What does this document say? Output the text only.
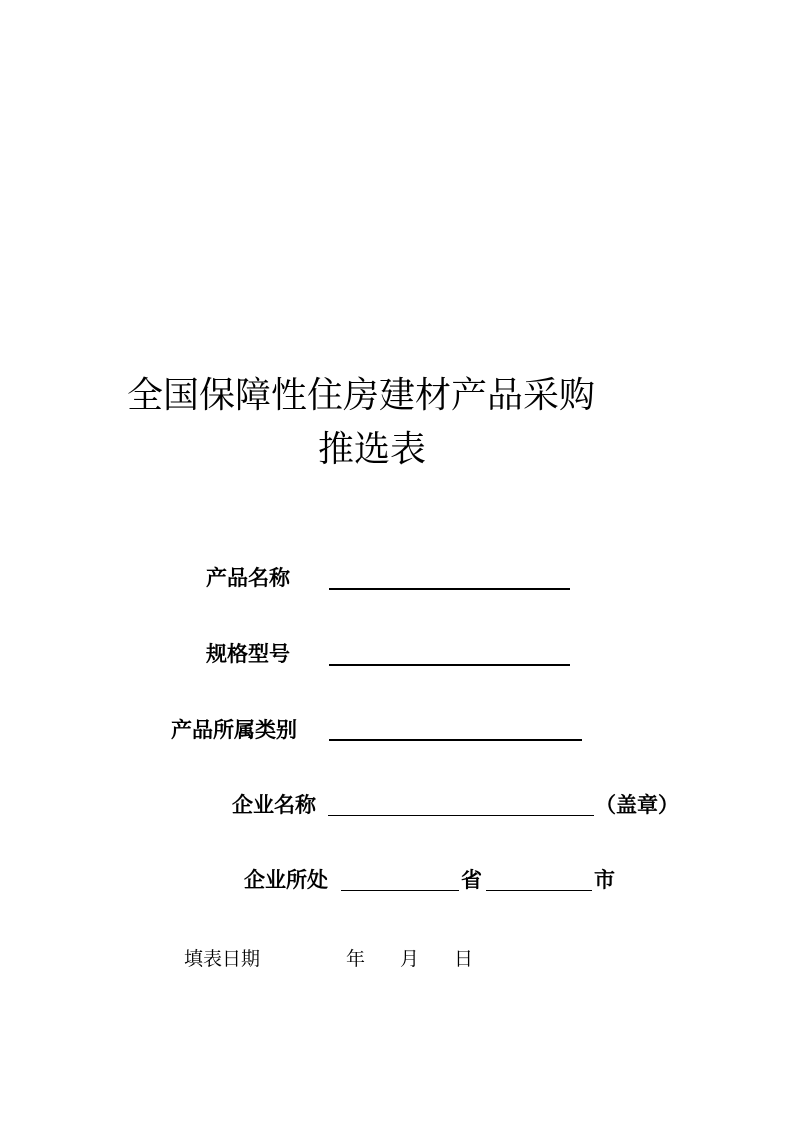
全国保障性住房建材产品采购
推选表
产品名称
规格型号
产品所属类别
企业名称	（盖章）
企业所处	省	市
填表日期	年 月 日
